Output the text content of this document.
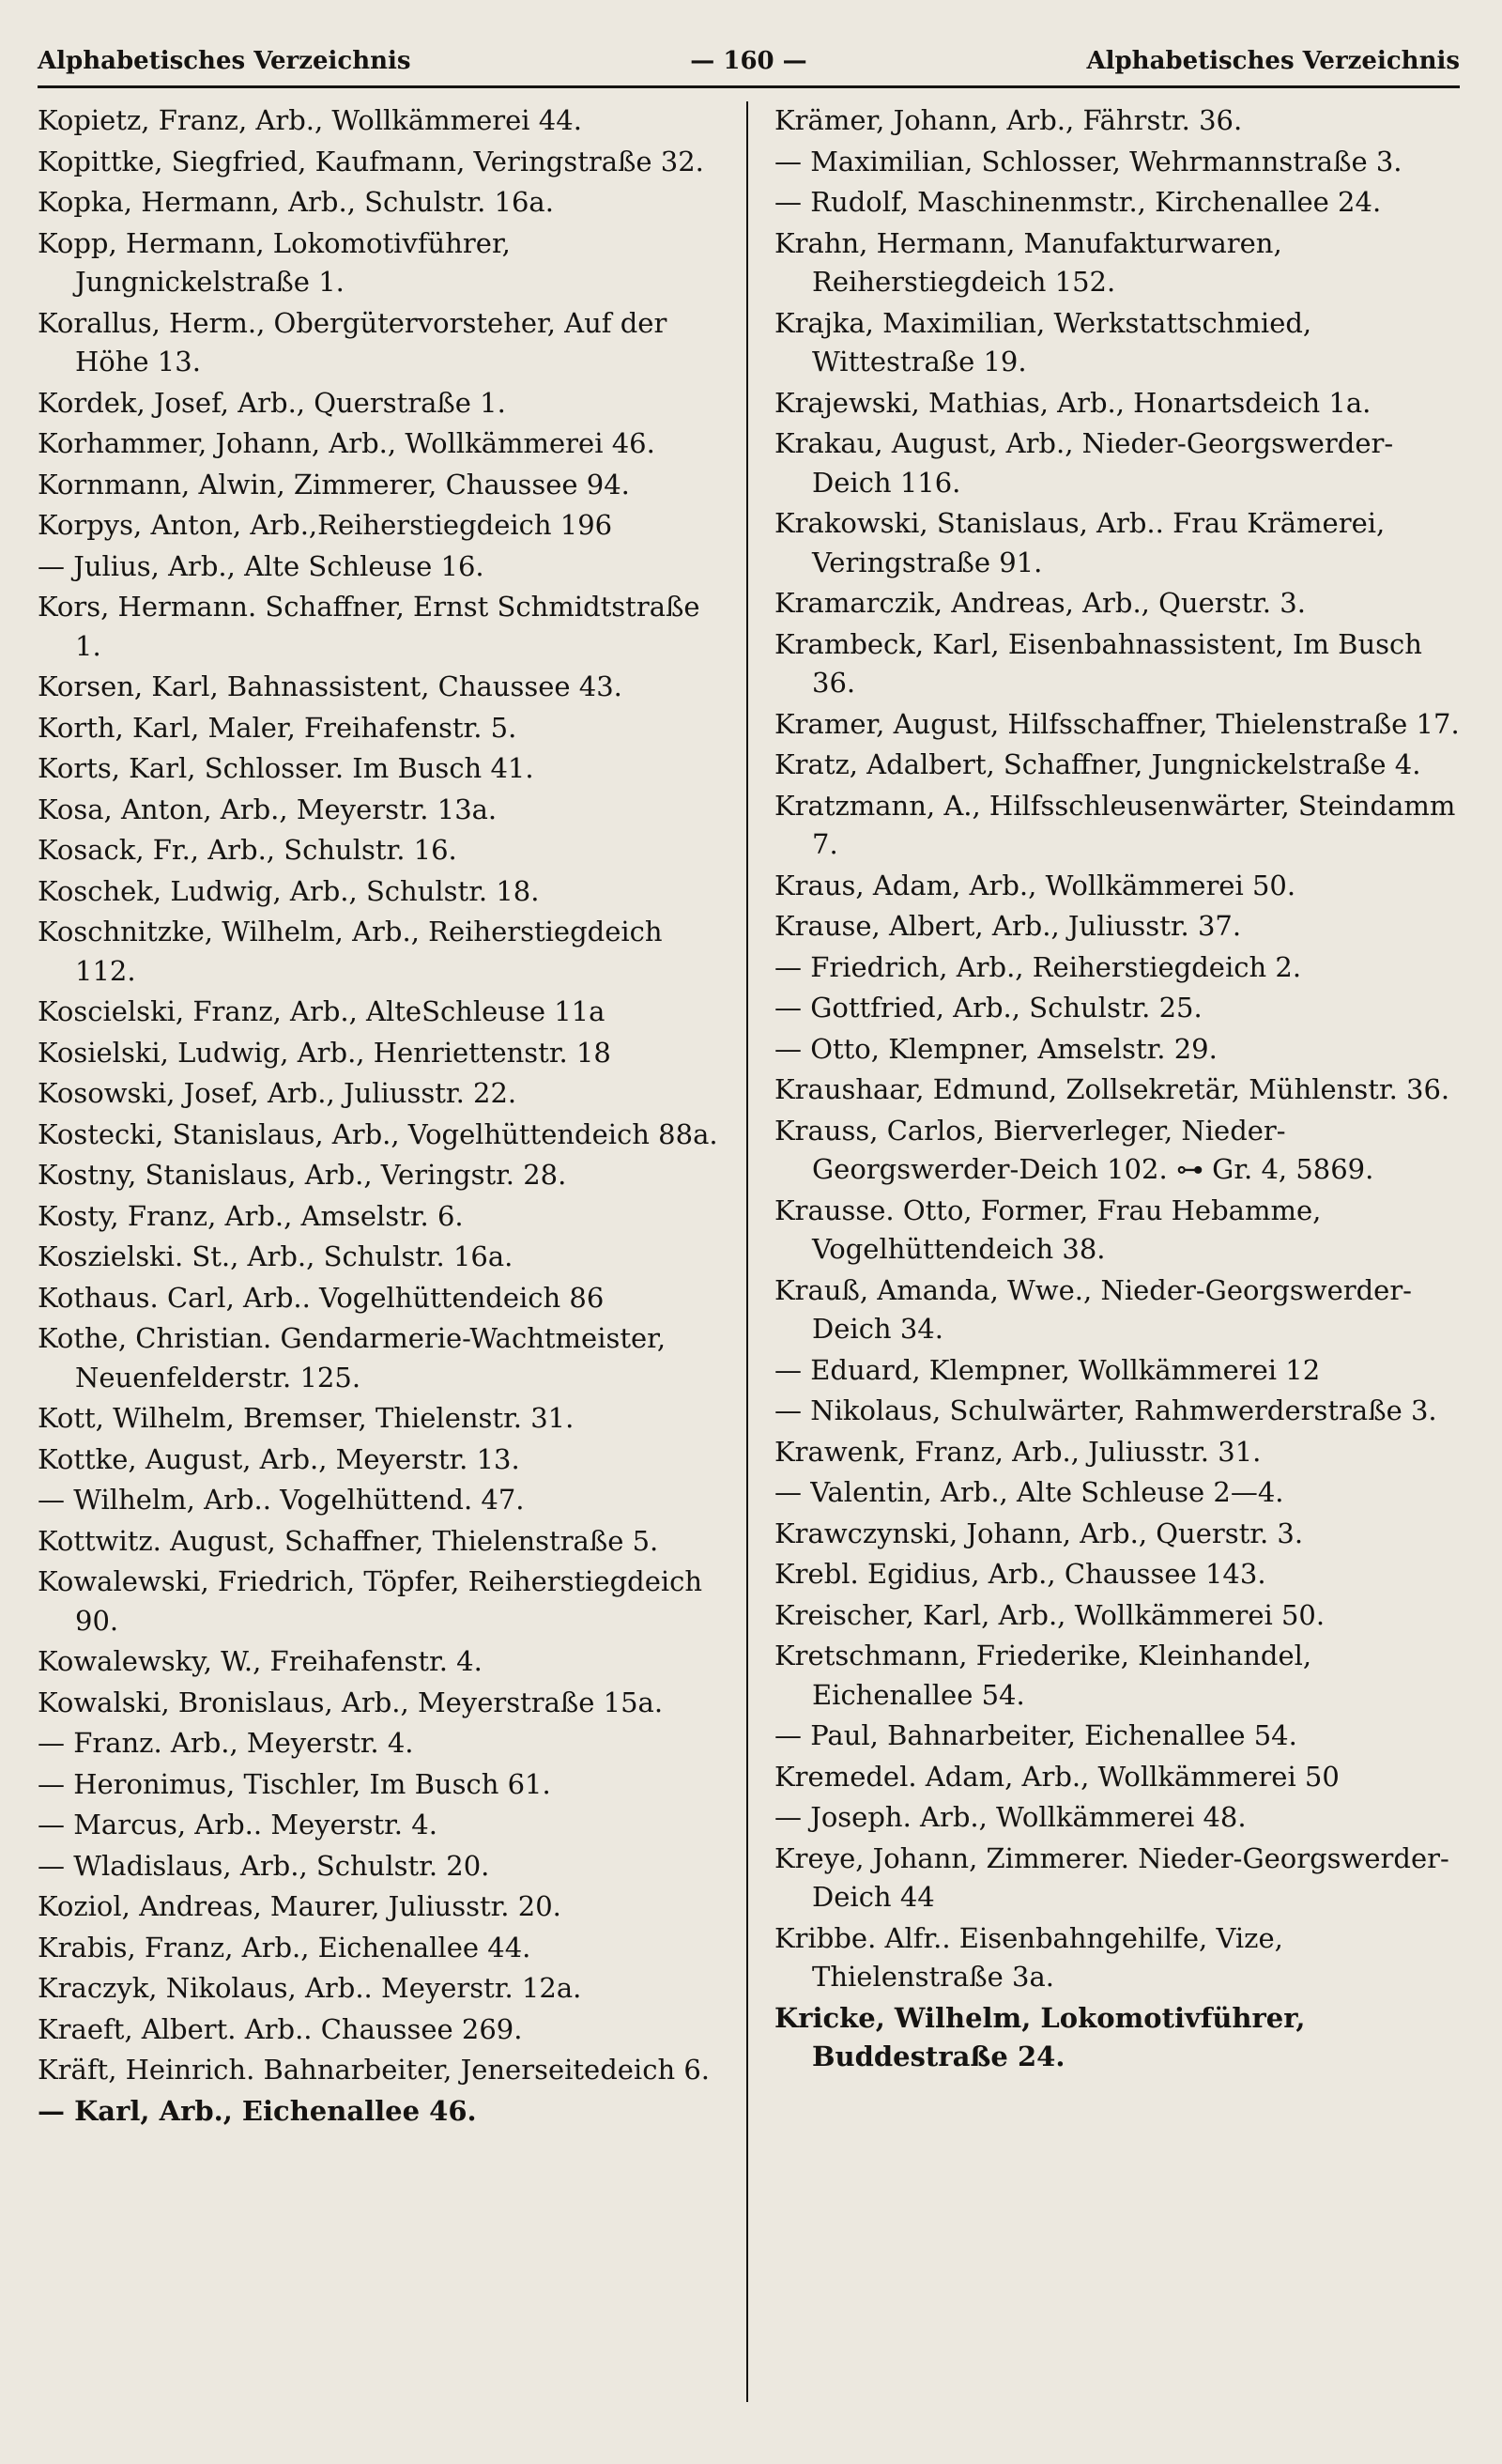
Alphabetisches Verzeichnis	— 160 —	Alphabetisches Verzeichnis
Kopietz, Franz, Arb., Wollkämmerei 44.
Kopittke, Siegfried, Kaufmann, Veringstraße 32.
Kopka, Hermann, Arb., Schulstr. 16a.
Kopp, Hermann, Lokomotivführer, Jungnickelstraße 1.
Korallus, Herm., Obergütervorsteher, Auf der Höhe 13.
Kordek, Josef, Arb., Querstraße 1.
Korhammer, Johann, Arb., Wollkämmerei 46.
Kornmann, Alwin, Zimmerer, Chaussee 94.
Korpys, Anton, Arb.,Reiherstiegdeich 196
— Julius, Arb., Alte Schleuse 16.
Kors, Hermann. Schaffner, Ernst Schmidtstraße 1.
Korsen, Karl, Bahnassistent, Chaussee 43.
Korth, Karl, Maler, Freihafenstr. 5.
Korts, Karl, Schlosser. Im Busch 41.
Kosa, Anton, Arb., Meyerstr. 13a.
Kosack, Fr., Arb., Schulstr. 16.
Koschek, Ludwig, Arb., Schulstr. 18.
Koschnitzke, Wilhelm, Arb., Reiherstiegdeich 112.
Koscielski, Franz, Arb., AlteSchleuse 11a
Kosielski, Ludwig, Arb., Henriettenstr. 18
Kosowski, Josef, Arb., Juliusstr. 22.
Kostecki, Stanislaus, Arb., Vogelhüttendeich 88a.
Kostny, Stanislaus, Arb., Veringstr. 28.
Kosty, Franz, Arb., Amselstr. 6.
Koszielski. St., Arb., Schulstr. 16a.
Kothaus. Carl, Arb.. Vogelhüttendeich 86
Kothe, Christian. Gendarmerie-Wachtmeister, Neuenfelderstr. 125.
Kott, Wilhelm, Bremser, Thielenstr. 31.
Kottke, August, Arb., Meyerstr. 13.
— Wilhelm, Arb.. Vogelhüttend. 47.
Kottwitz. August, Schaffner, Thielenstraße 5.
Kowalewski, Friedrich, Töpfer, Reiherstiegdeich 90.
Kowalewsky, W., Freihafenstr. 4.
Kowalski, Bronislaus, Arb., Meyerstraße 15a.
— Franz. Arb., Meyerstr. 4.
— Heronimus, Tischler, Im Busch 61.
— Marcus, Arb.. Meyerstr. 4.
— Wladislaus, Arb., Schulstr. 20.
Koziol, Andreas, Maurer, Juliusstr. 20.
Krabis, Franz, Arb., Eichenallee 44.
Kraczyk, Nikolaus, Arb.. Meyerstr. 12a.
Kraeft, Albert. Arb.. Chaussee 269.
Kräft, Heinrich. Bahnarbeiter, Jenerseitedeich 6.
— Karl, Arb., Eichenallee 46.
Krämer, Johann, Arb., Fährstr. 36.
— Maximilian, Schlosser, Wehrmannstraße 3.
— Rudolf, Maschinenmstr., Kirchenallee 24.
Krahn, Hermann, Manufakturwaren, Reiherstiegdeich 152.
Krajka, Maximilian, Werkstattschmied, Wittestraße 19.
Krajewski, Mathias, Arb., Honartsdeich 1a.
Krakau, August, Arb., Nieder-Georgswerder-Deich 116.
Krakowski, Stanislaus, Arb.. Frau Krämerei, Veringstraße 91.
Kramarczik, Andreas, Arb., Querstr. 3.
Krambeck, Karl, Eisenbahnassistent, Im Busch 36.
Kramer, August, Hilfsschaffner, Thielenstraße 17.
Kratz, Adalbert, Schaffner, Jungnickelstraße 4.
Kratzmann, A., Hilfsschleusenwärter, Steindamm 7.
Kraus, Adam, Arb., Wollkämmerei 50.
Krause, Albert, Arb., Juliusstr. 37.
— Friedrich, Arb., Reiherstiegdeich 2.
— Gottfried, Arb., Schulstr. 25.
— Otto, Klempner, Amselstr. 29.
Kraushaar, Edmund, Zollsekretär, Mühlenstr. 36.
Krauss, Carlos, Bierverleger, Nieder-Georgswerder-Deich 102. ⊶ Gr. 4, 5869.
Krausse. Otto, Former, Frau Hebamme, Vogelhüttendeich 38.
Krauß, Amanda, Wwe., Nieder-Georgswerder-Deich 34.
— Eduard, Klempner, Wollkämmerei 12
— Nikolaus, Schulwärter, Rahmwerderstraße 3.
Krawenk, Franz, Arb., Juliusstr. 31.
— Valentin, Arb., Alte Schleuse 2—4.
Krawczynski, Johann, Arb., Querstr. 3.
Krebl. Egidius, Arb., Chaussee 143.
Kreischer, Karl, Arb., Wollkämmerei 50.
Kretschmann, Friederike, Kleinhandel, Eichenallee 54.
— Paul, Bahnarbeiter, Eichenallee 54.
Kremedel. Adam, Arb., Wollkämmerei 50
— Joseph. Arb., Wollkämmerei 48.
Kreye, Johann, Zimmerer. Nieder-Georgswerder-Deich 44
Kribbe. Alfr.. Eisenbahngehilfe, Vize, Thielenstraße 3a.
Kricke, Wilhelm, Lokomotivführer, Buddestraße 24.
